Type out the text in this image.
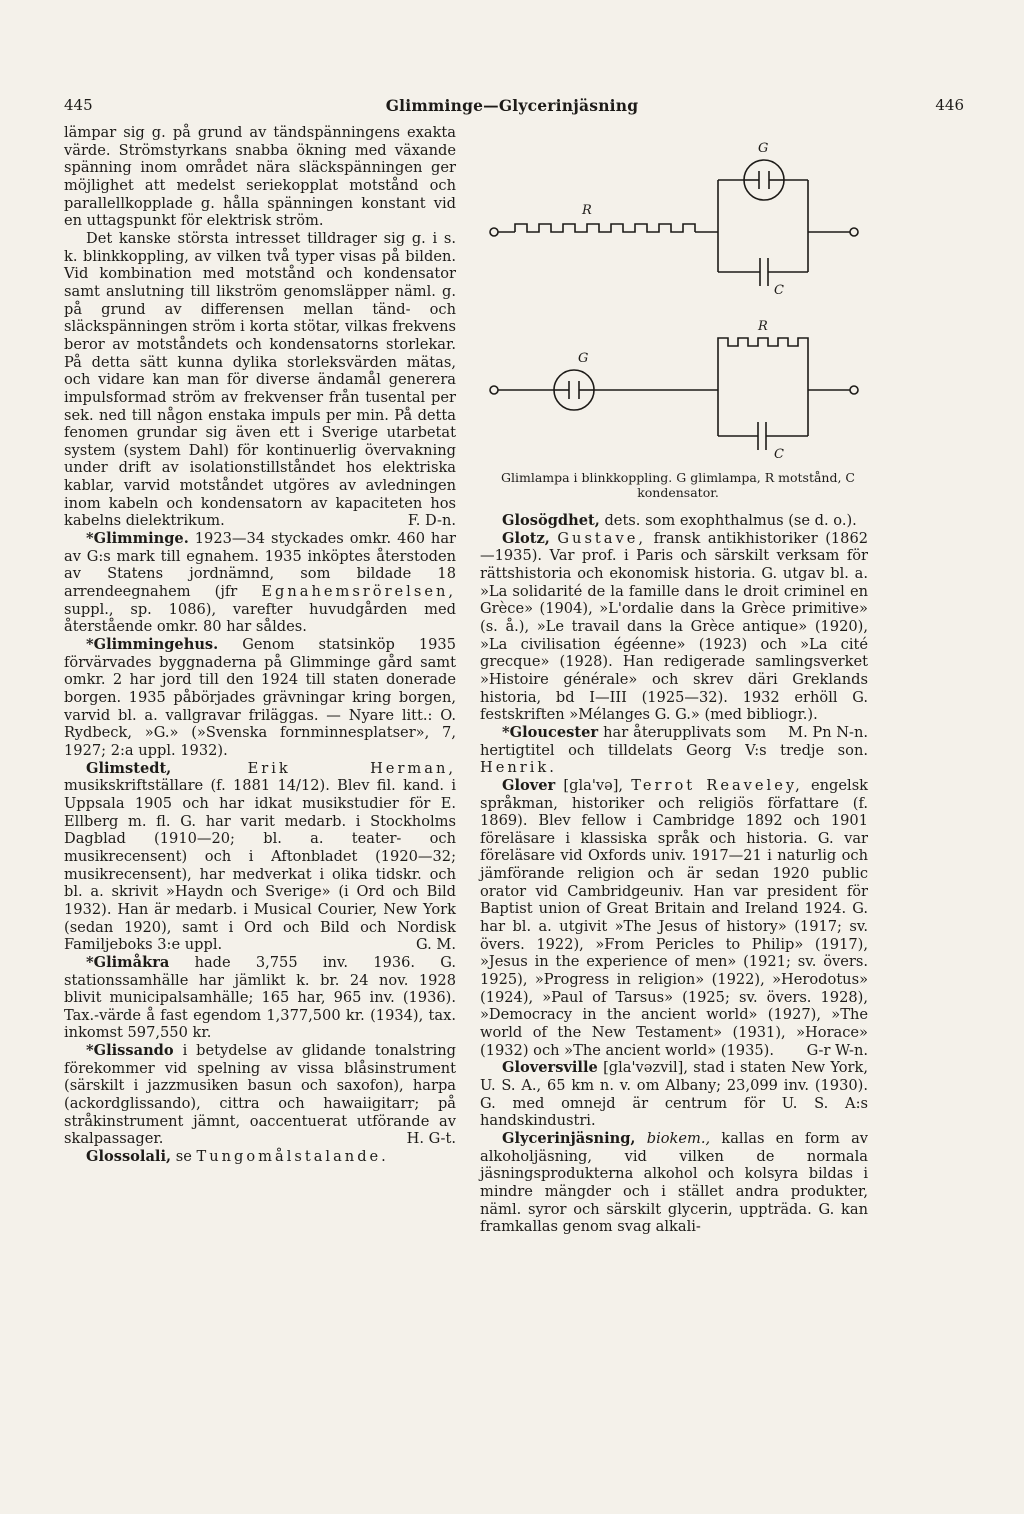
445	Glimminge—Glycerinjäsning	446

lämpar sig g. på grund av tändspänningens exakta värde. Strömstyrkans snabba ökning med växande spänning inom området nära släckspänningen ger möjlighet att medelst seriekopplat motstånd och parallellkopplade g. hålla spänningen konstant vid en uttagspunkt för elektrisk ström.

Det kanske största intresset tilldrager sig g. i s. k. blinkkoppling, av vilken två typer visas på bilden. Vid kombination med motstånd och kondensator samt anslutning till likström genomsläpper näml. g. på grund av differensen mellan tänd- och släckspänningen ström i korta stötar, vilkas frekvens beror av motståndets och kondensatorns storlekar. På detta sätt kunna dylika storleksvärden mätas, och vidare kan man för diverse ändamål generera impulsformad ström av frekvenser från tusental per sek. ned till någon enstaka impuls per min. På detta fenomen grundar sig även ett i Sverige utarbetat system (system Dahl) för kontinuerlig övervakning under drift av isolationstillståndet hos elektriska kablar, varvid motståndet utgöres av avledningen inom kabeln och kondensatorn av kapaciteten hos kabelns dielektrikum.	F. D-n.

*Glimminge. 1923—34 styckades omkr. 460 har av G:s mark till egnahem. 1935 inköptes återstoden av Statens jordnämnd, som bildade 18 arrendeegnahem (jfr Egnahemsrörelsen, suppl., sp. 1086), varefter huvudgården med återstående omkr. 80 har såldes.

*Glimmingehus. Genom statsinköp 1935 förvärvades byggnaderna på Glimminge gård samt omkr. 2 har jord till den 1924 till staten donerade borgen. 1935 påbörjades grävningar kring borgen, varvid bl. a. vallgravar friläggas. — Nyare litt.: O. Rydbeck, »G.» (»Svenska fornminnesplatser», 7, 1927; 2:a uppl. 1932).

Glimstedt,	Erik Herman, musikskriftställare (f. 1881 14/12). Blev fil. kand. i Uppsala 1905 och har idkat musikstudier för E. Ellberg m. fl. G. har varit medarb. i Stockholms Dagblad (1910—20; bl. a. teater- och musikrecensent) och i Aftonbladet (1920—32; musikrecensent), har medverkat i olika tidskr. och bl. a. skrivit »Haydn och Sverige» (i Ord och Bild 1932). Han är medarb. i Musical Courier, New York (sedan 1920), samt i Ord och Bild och Nordisk Familjeboks 3:e uppl.	G. M.

*Glimåkra hade 3,755 inv. 1936. G. stationssamhälle har jämlikt k. br. 24 nov. 1928 blivit municipalsamhälle; 165 har, 965 inv. (1936). Tax.-värde å fast egendom 1,377,500 kr. (1934), tax. inkomst 597,550 kr.

*Glissando i betydelse av glidande tonalstring förekommer vid spelning av vissa blåsinstrument (särskilt i jazzmusiken basun och saxofon), harpa (ackordglissando), cittra och hawaiigitarr; på stråkinstrument jämnt, oaccentuerat utförande av skalpassager.	H. G-t.

Glossolali, se Tungomålstalande.

G
R
C
R
G
C
Glimlampa i blinkkoppling. G glimlampa, R motstånd, C kondensator.

Glosögdhet, dets. som exophthalmus (se d. o.).

Glotz, Gustave, fransk antikhistoriker (1862—1935). Var prof. i Paris och särskilt verksam för rättshistoria och ekonomisk historia. G. utgav bl. a. »La solidarité de la famille dans le droit criminel en Grèce» (1904), »L'ordalie dans la Grèce primitive» (s. å.), »Le travail dans la Grèce antique» (1920), »La civilisation égéenne» (1923) och »La cité grecque» (1928). Han redigerade samlingsverket »Histoire générale» och skrev däri Greklands historia, bd I—III (1925—32). 1932 erhöll G. festskriften »Mélanges G. G.» (med bibliogr.).
M. Pn N-n.

*Gloucester har återupplivats som hertigtitel och tilldelats Georg V:s tredje son. Henrik.

Glover [gla'və], Terrot Reaveley, engelsk språkman, historiker och religiös författare (f. 1869). Blev fellow i Cambridge 1892 och 1901 föreläsare i klassiska språk och historia. G. var föreläsare vid Oxfords univ. 1917—21 i naturlig och jämförande religion och är sedan 1920 public orator vid Cambridgeuniv. Han var president för Baptist union of Great Britain and Ireland 1924. G. har bl. a. utgivit »The Jesus of history» (1917; sv. övers. 1922), »From Pericles to Philip» (1917), »Jesus in the experience of men» (1921; sv. övers. 1925), »Progress in religion» (1922), »Herodotus» (1924), »Paul of Tarsus» (1925; sv. övers. 1928), »Democracy in the ancient world» (1927), »The world of the New Testament» (1931), »Horace» (1932) och »The ancient world» (1935).	G-r W-n.

Gloversville [gla'vəzvil], stad i staten New York, U. S. A., 65 km n. v. om Albany; 23,099 inv. (1930). G. med omnejd är centrum för U. S. A:s handskindustri.

Glycerinjäsning, biokem., kallas en form av alkoholjäsning, vid vilken de normala jäsningsprodukterna alkohol och kolsyra bildas i mindre mängder och i stället andra produkter, näml. syror och särskilt glycerin, uppträda. G. kan framkallas genom svag alkali-
